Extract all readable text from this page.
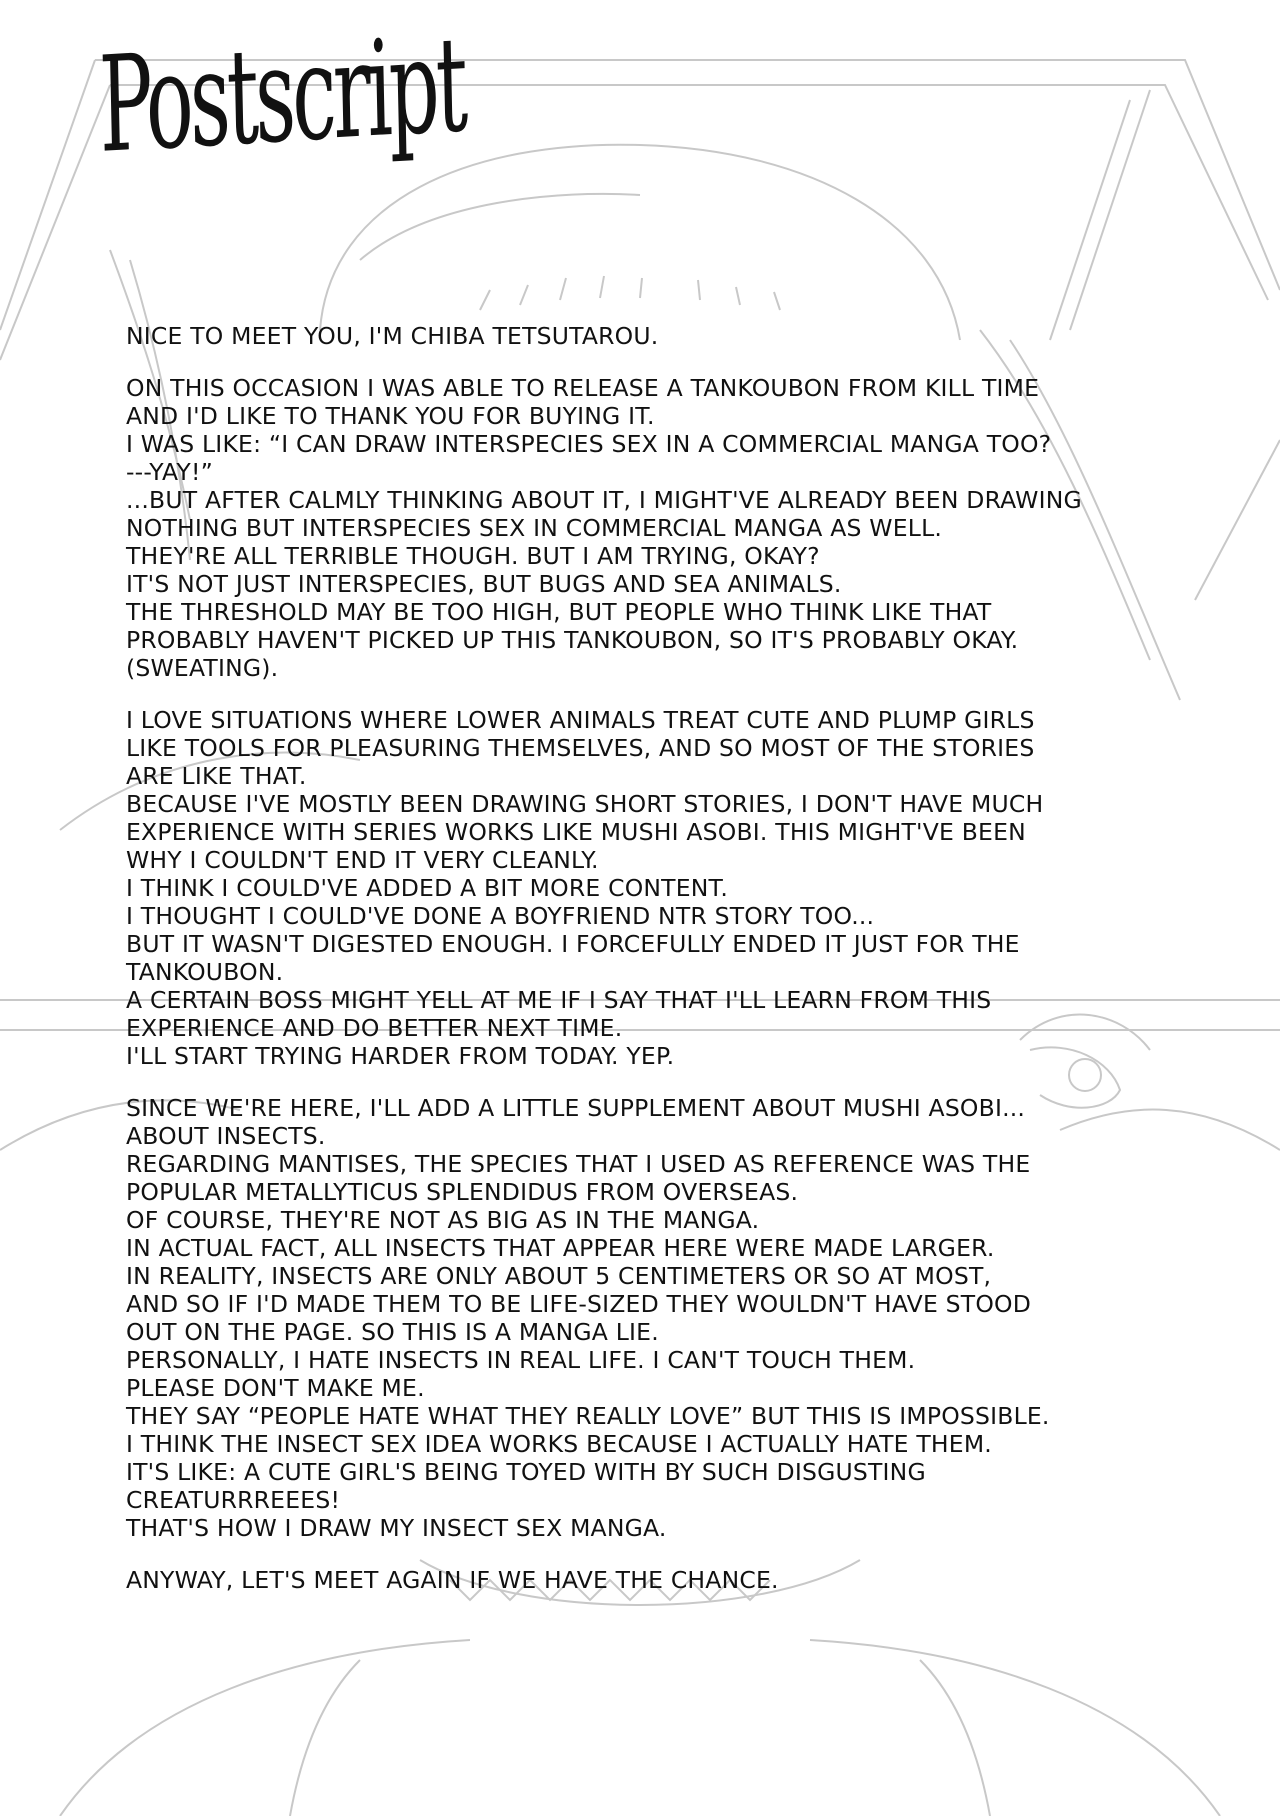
Postscript
NICE TO MEET YOU, I'M CHIBA TETSUTAROU.
ON THIS OCCASION I WAS ABLE TO RELEASE A TANKOUBON FROM KILL TIME
AND I'D LIKE TO THANK YOU FOR BUYING IT.
I WAS LIKE: “I CAN DRAW INTERSPECIES SEX IN A COMMERCIAL MANGA TOO?
---YAY!”
...BUT AFTER CALMLY THINKING ABOUT IT, I MIGHT'VE ALREADY BEEN DRAWING
NOTHING BUT INTERSPECIES SEX IN COMMERCIAL MANGA AS WELL.
THEY'RE ALL TERRIBLE THOUGH. BUT I AM TRYING, OKAY?
IT'S NOT JUST INTERSPECIES, BUT BUGS AND SEA ANIMALS.
THE THRESHOLD MAY BE TOO HIGH, BUT PEOPLE WHO THINK LIKE THAT
PROBABLY HAVEN'T PICKED UP THIS TANKOUBON, SO IT'S PROBABLY OKAY.
(SWEATING).
I LOVE SITUATIONS WHERE LOWER ANIMALS TREAT CUTE AND PLUMP GIRLS
LIKE TOOLS FOR PLEASURING THEMSELVES, AND SO MOST OF THE STORIES
ARE LIKE THAT.
BECAUSE I'VE MOSTLY BEEN DRAWING SHORT STORIES, I DON'T HAVE MUCH
EXPERIENCE WITH SERIES WORKS LIKE MUSHI ASOBI. THIS MIGHT'VE BEEN
WHY I COULDN'T END IT VERY CLEANLY.
I THINK I COULD'VE ADDED A BIT MORE CONTENT.
I THOUGHT I COULD'VE DONE A BOYFRIEND NTR STORY TOO...
BUT IT WASN'T DIGESTED ENOUGH. I FORCEFULLY ENDED IT JUST FOR THE
TANKOUBON.
A CERTAIN BOSS MIGHT YELL AT ME IF I SAY THAT I'LL LEARN FROM THIS
EXPERIENCE AND DO BETTER NEXT TIME.
I'LL START TRYING HARDER FROM TODAY. YEP.
SINCE WE'RE HERE, I'LL ADD A LITTLE SUPPLEMENT ABOUT MUSHI ASOBI...
ABOUT INSECTS.
REGARDING MANTISES, THE SPECIES THAT I USED AS REFERENCE WAS THE
POPULAR METALLYTICUS SPLENDIDUS FROM OVERSEAS.
OF COURSE, THEY'RE NOT AS BIG AS IN THE MANGA.
IN ACTUAL FACT, ALL INSECTS THAT APPEAR HERE WERE MADE LARGER.
IN REALITY, INSECTS ARE ONLY ABOUT 5 CENTIMETERS OR SO AT MOST,
AND SO IF I'D MADE THEM TO BE LIFE-SIZED THEY WOULDN'T HAVE STOOD
OUT ON THE PAGE. SO THIS IS A MANGA LIE.
PERSONALLY, I HATE INSECTS IN REAL LIFE. I CAN'T TOUCH THEM.
PLEASE DON'T MAKE ME.
THEY SAY “PEOPLE HATE WHAT THEY REALLY LOVE” BUT THIS IS IMPOSSIBLE.
I THINK THE INSECT SEX IDEA WORKS BECAUSE I ACTUALLY HATE THEM.
IT'S LIKE: A CUTE GIRL'S BEING TOYED WITH BY SUCH DISGUSTING
CREATURRREEES!
THAT'S HOW I DRAW MY INSECT SEX MANGA.
ANYWAY, LET'S MEET AGAIN IF WE HAVE THE CHANCE.
